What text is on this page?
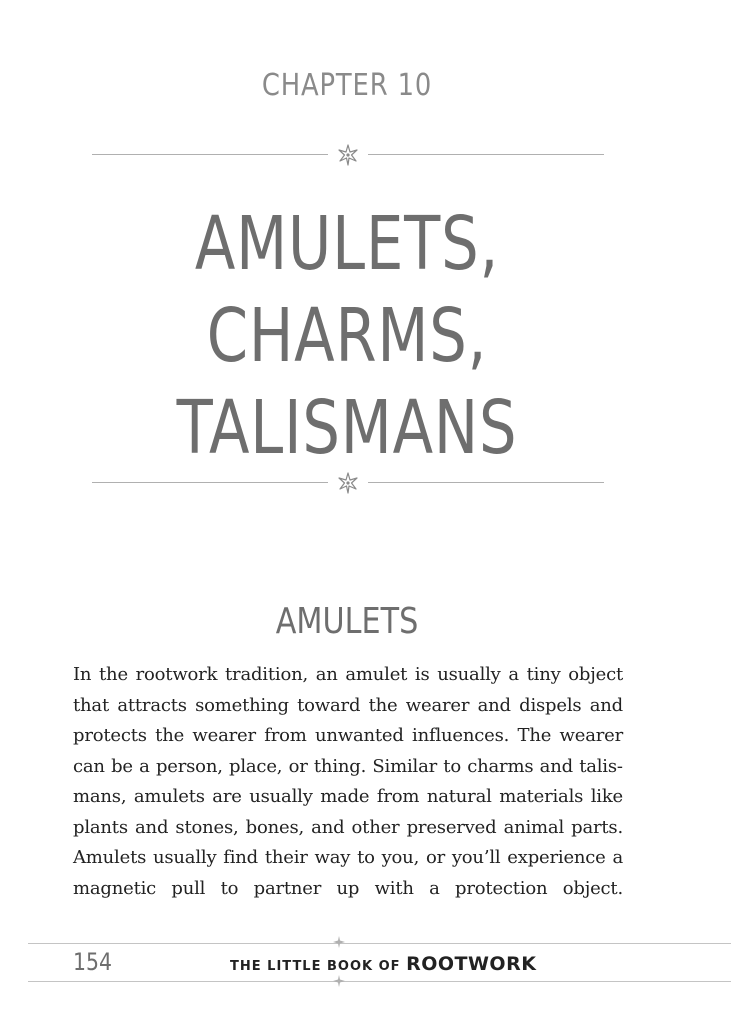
CHAPTER 10
AMULETS,
CHARMS,
TALISMANS
AMULETS

In the rootwork tradition, an amulet is usually a tiny object that attracts something toward the wearer and dispels and protects the wearer from unwanted influences. The wearer can be a person, place, or thing. Similar to charms and talismans, amulets are usually made from natural materials like plants and stones, bones, and other preserved animal parts. Amulets usually find their way to you, or you’ll experience a magnetic pull to partner up with a protection object.

154	THE LITTLE BOOK OF ROOTWORK
